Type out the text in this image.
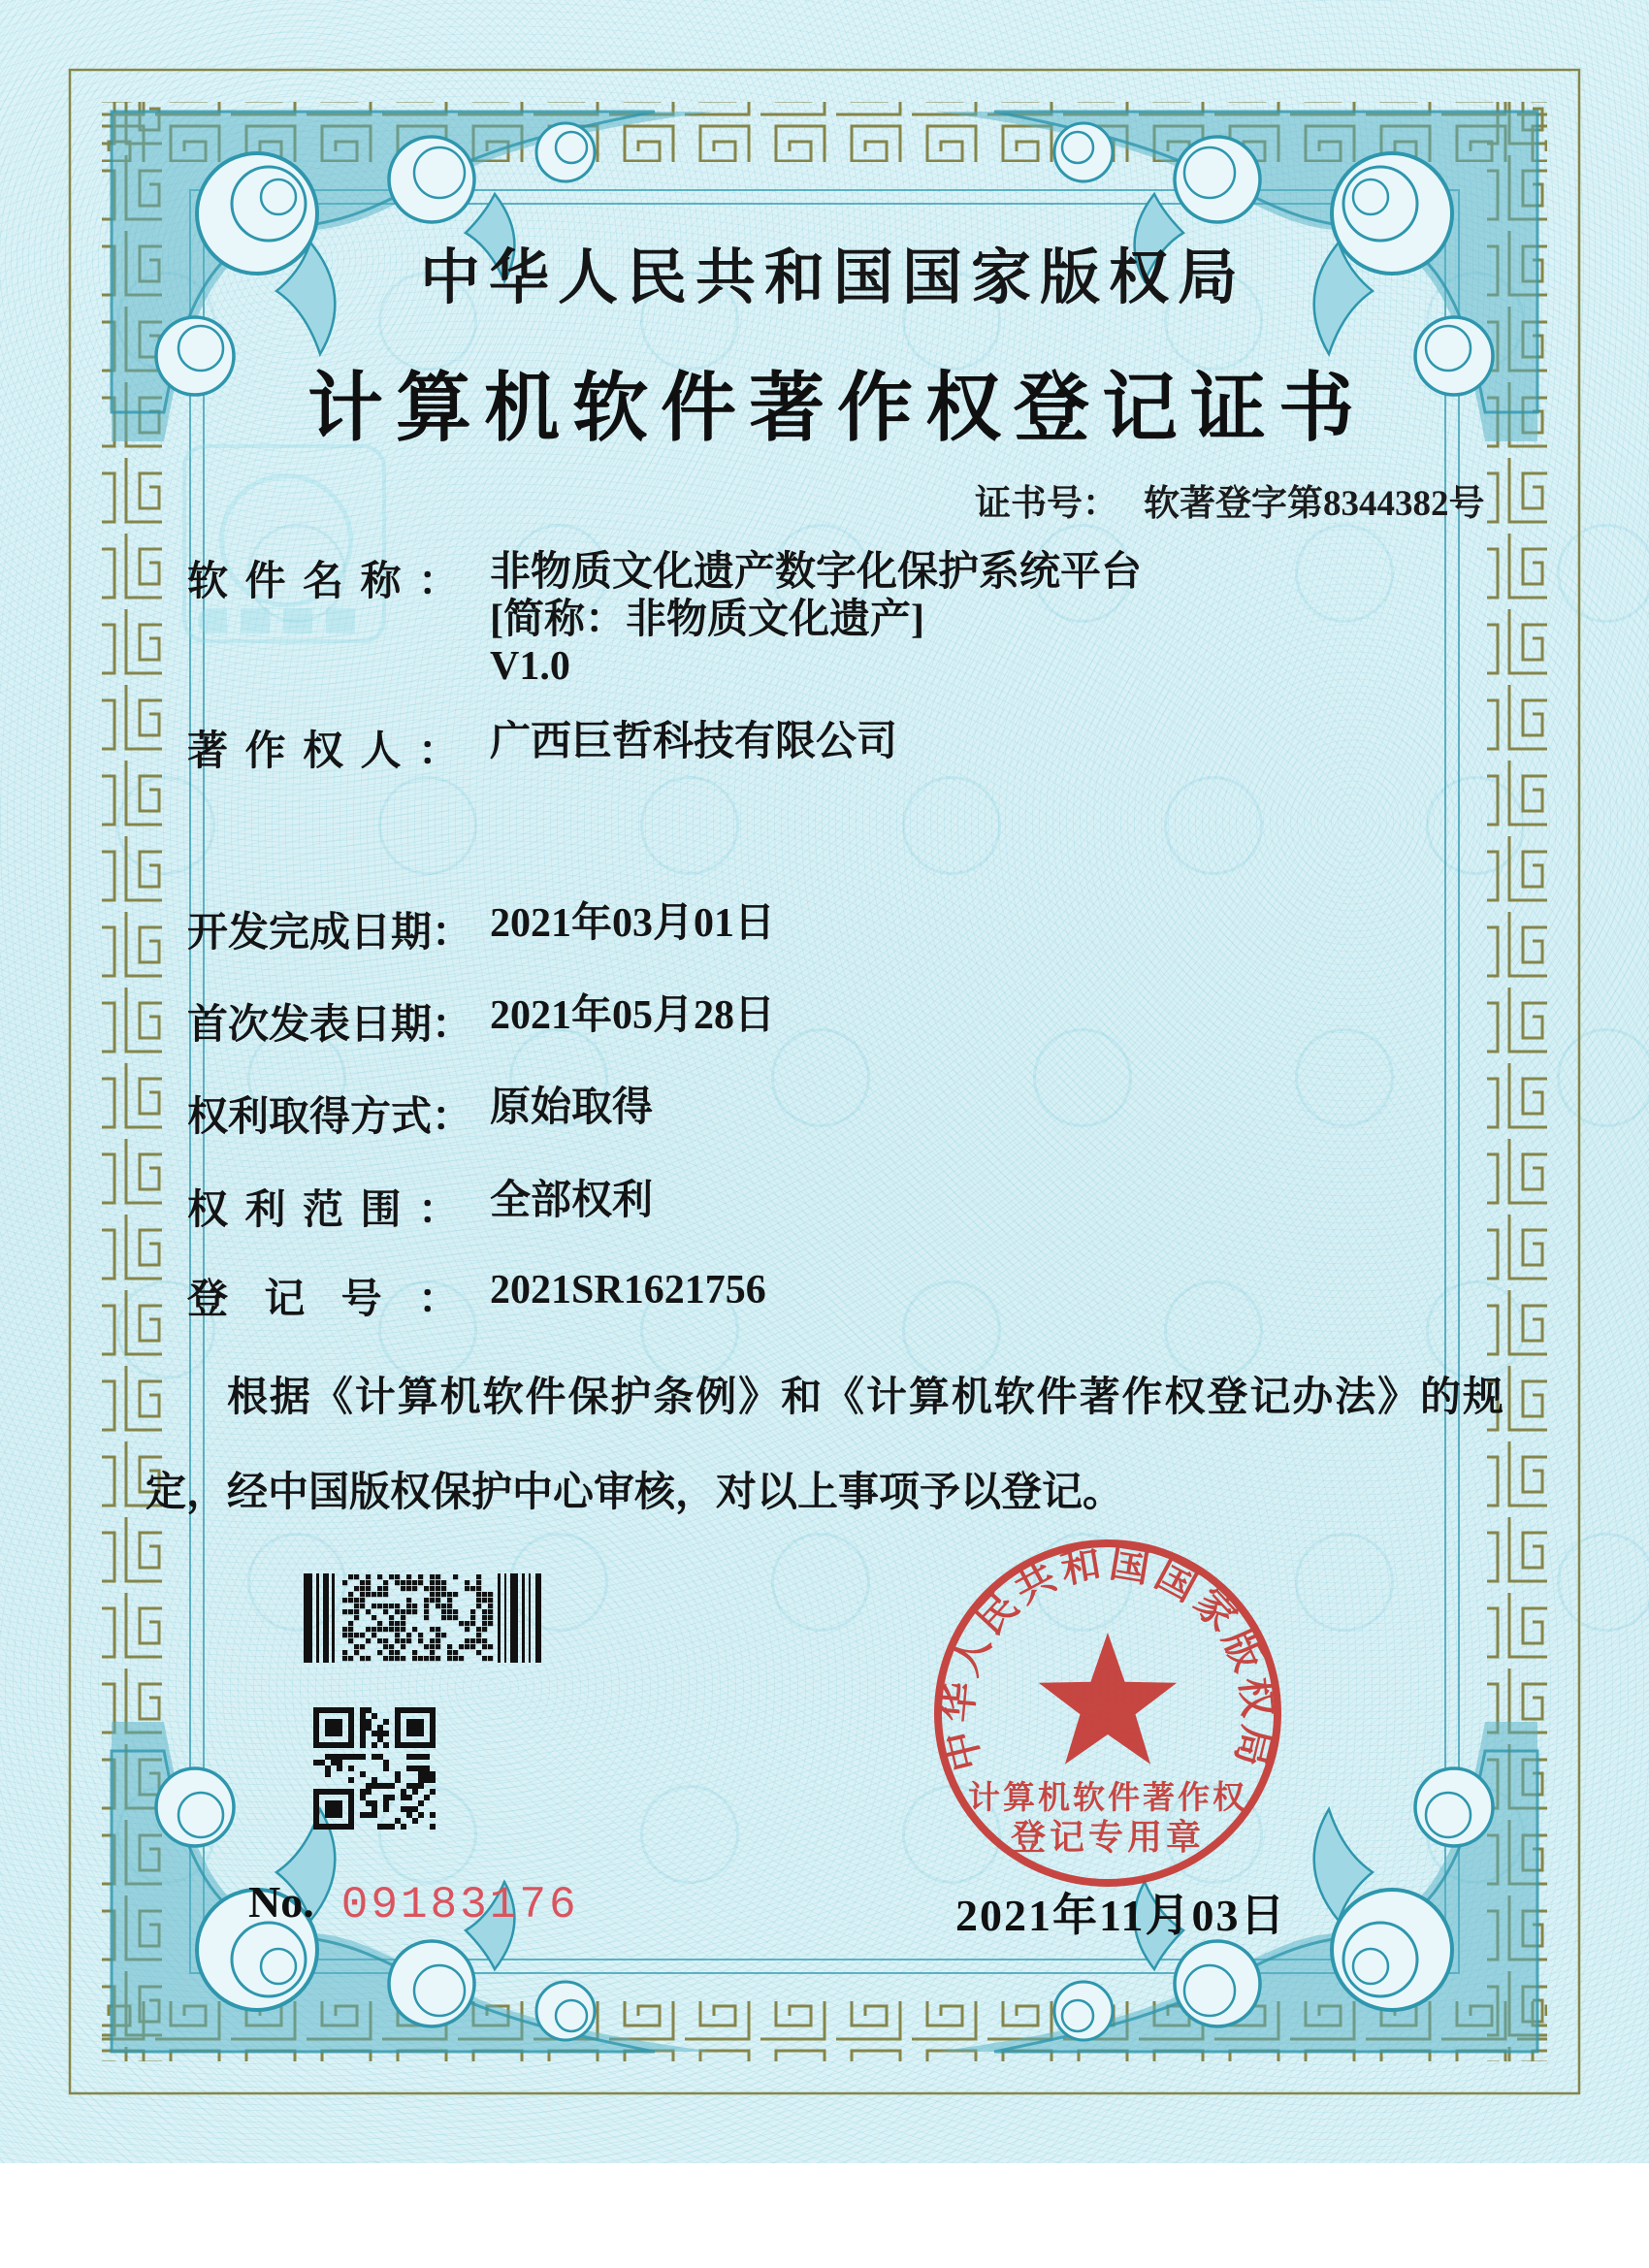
中华人民共和国国家版权局
计算机软件著作权登记证书
证书号： 软著登字第8344382号
软件名称： 非物质文化遗产数字化保护系统平台
[简称：非物质文化遗产]
V1.0
著作权人： 广西巨哲科技有限公司
开发完成日期： 2021年03月01日
首次发表日期： 2021年05月28日
权利取得方式： 原始取得
权利范围： 全部权利
登记号： 2021SR1621756

根据《计算机软件保护条例》和《计算机软件著作权登记办法》的规定，经中国版权保护中心审核，对以上事项予以登记。

No. 09183176
中华人民共和国国家版权局
计算机软件著作权
登记专用章
2021年11月03日
